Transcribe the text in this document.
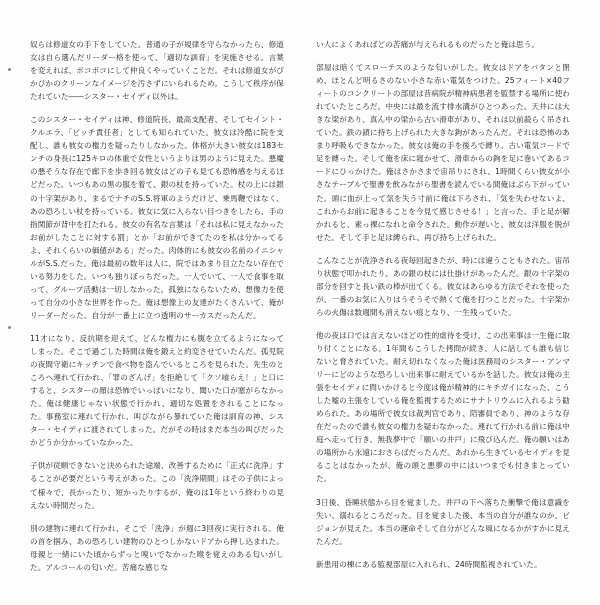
奴らは修道女の手下をしていた。普通の子が規律を守らなかったら、修道女は自ら選んだリーダー格を使って、「適切な訓育」を実施させる。言葉を変えれば、ボコボコにして仲良くやっていくことだ。それは修道女がぴかぴかのクリーンなイメージを汚さずにいられるため。こうして秩序が保たれていた――シスター・セイディ以外は。

このシスター・セイディは神、修道院長、最高支配者、そしてセイント・クルエラ、「ビッチ責任者」としても知られていた。彼女は冷酷に院を支配し、誰も彼女の権力を疑ったりしなかった。体格が大きい彼女は183センチの身長に125キロの体重で女性というよりは男のように見えた。悪魔の悪そうな存在で廊下を歩き回る彼女はどの子も見ても恐怖感を与えるほどだった。いつもあの黒の服を着て、銀の杖を持っていた。杖の上には銀の十字架があり、まるでナチのS.S.将軍のようだけど、乗馬鞭ではなく、あの恐ろしい杖を持っている。彼女に気に入らない目つきをしたら、手の指関節が背中を打たれる。彼女の有名な言葉は「それは私に見えなかったお前がしたことに対する罰」とか「お前ができてたのを私は分かってるよ、それくらいの価値がある」だった。肉体的にも彼女の名前のイニシャルがS.S.だった。俺は最初の数年は人に、院ではあまり目立たない存在でいる努力をした。いつも独りぼっちだった。一人でいて、一人で食事を取って、グループ活動は一切しなかった。孤独にならないため、想像力を使って自分の小さな世界を作った。俺は想像上の友達がたくさんいて、俺がリーダーだった。自分が一番上に立つ透明のサーカスだったんだ。

11才になり、反抗期を迎えて、どんな権力にも腹を立てるようになってしまった。そこで過ごした時間は俺を鍛えと約変させていたんだ。孤児院の夜間守衛にキッチンで食べ物を盗んでいるところを見られた。先生のところへ連れて行かれ、「罪のざんげ」を拒絶して「クソ喰らえ！」と口にすると、シスターの顔は恐怖でいっぱいになり、聞いた口が塞がらなかった。俺は健康じゃない状態で行かれ、適切な処置をされることになった。事務室に連れて行かれ、叫びながら暴れていた俺は訓育の神、シスター・セイディに渡されてしまった。だがその時はまだ本当の叫びだったかどうか分かっていなかった。

子供が従順できないと決められた途端、改善するために「正式に洗浄」することが必要だという考えがあった。この「洗浄期間」はその子供によって様々で、長かったり、短かったりするが、俺のは1年という終わりの見えない時間だった。

別の建物に連れて行かれ、そこで「洗浄」が週に3回夜に実行される。俺の首を掴み、あの恐ろしい建物のひとつしかないドアから押し込まれた。母親と一緒にいた頃からずっと嗅いでなかった喉を覚えのある匂いがした。アルコールの匂いだ。苦痛な感じな

い人によくあればどの苦痛が与えられるものだったと俺は思う。

部屋は暗くてスローテスのような匂いがした。彼女はドアをバタンと閉め、ほとんど明るさのない小さな赤い電気をつけた。25フィート×40フィートのコンクリートの部屋は昔病院が精神病患者を監禁する場所に使われていたところだ。中央には最を流す排水溝がひとつあった。天井には大きな梁があり、真ん中の梁から古い滑車があり、それは以前殺らく吊されていた。鉄の鎖に持ち上げられた大きな鉤があったんだ。それは恐怖のあまり呼吸もできなかった。彼女は俺の手を後ろで縛り、古い電気コードで足を縛った。そして俺を床に寝かせて、滑車からの鉤を足に巻いてあるコードにひっかけた。俺はさかさまで宙吊りにされ、1時間くらい彼女が小さなテーブルで聖書を飲みながら聖書を読んでいる間俺はぶら下がっていた。頭に血が上って気を失う寸前に俺は下ろされ、「気を失わせないよ、これからお前に起きることを今見て感じさせる！」と言った。手と足が解かれると、素っ裸になれと命令された。動作が遅いと、彼女は洋服を脱がせた。そして手と足は縛られ、再び持ち上げられた。

こんなことが洗浄される夜毎回起きたが、時には違うこともされた。宙吊り状態で叩かれたり、あの銀の杖には仕掛けがあったんだ。銀の十字架の部分を回すと長い鉄の棒が出てくる。彼女はあらゆる方法でそれを使ったが、一番のお気に入りはうそうそで熱くて俺を打つことだった。十字架からの火傷は数週間も消えない痕となり、一生残っていた。

他の夜は口では言えないほどの性的虐待を受け、この出来事は一生俺に取り付くことになる。1年間もこうした拷問が続き、人に話しても誰も信じないと脅されていた。耐え切れなくなった俺は医務局のシスター・アンマリーにどのような恐ろしい出来事に耐えているかを話した。彼女は俺の主張をセイディに問いかけると今度は俺が精神的にキチガイになった、こうした嘘の主張をしている俺を監視するためにサナトリウムに入れるよう勧められた。あの場所で彼女は裁判官であり、陪審員であり、神のような存在だったので誰も彼女の権力を疑わなかった。連れて行かれる前に俺は中庭へ走って行き、無我夢中で「願いの井戸」に飛び込んだ。俺の願いはあの場所から永遠におさらばだったんだ。あれから生きているセイディを見ることはなかったが、俺の頭と悪夢の中にはいつまでも付きまとっていた。

3日後、昏睡状態から目を覚ました。井戸の下へ落ちた衝撃で俺は意識を失い、溺れるところだった。目を覚ました後、本当の自分が誰なのか、ビジョンが見えた。本当の運命そして自分がどんな風になるかがすかに見えたんだ。

新患用の棟にある監視部屋に入れられ、24時間監視されていた。
